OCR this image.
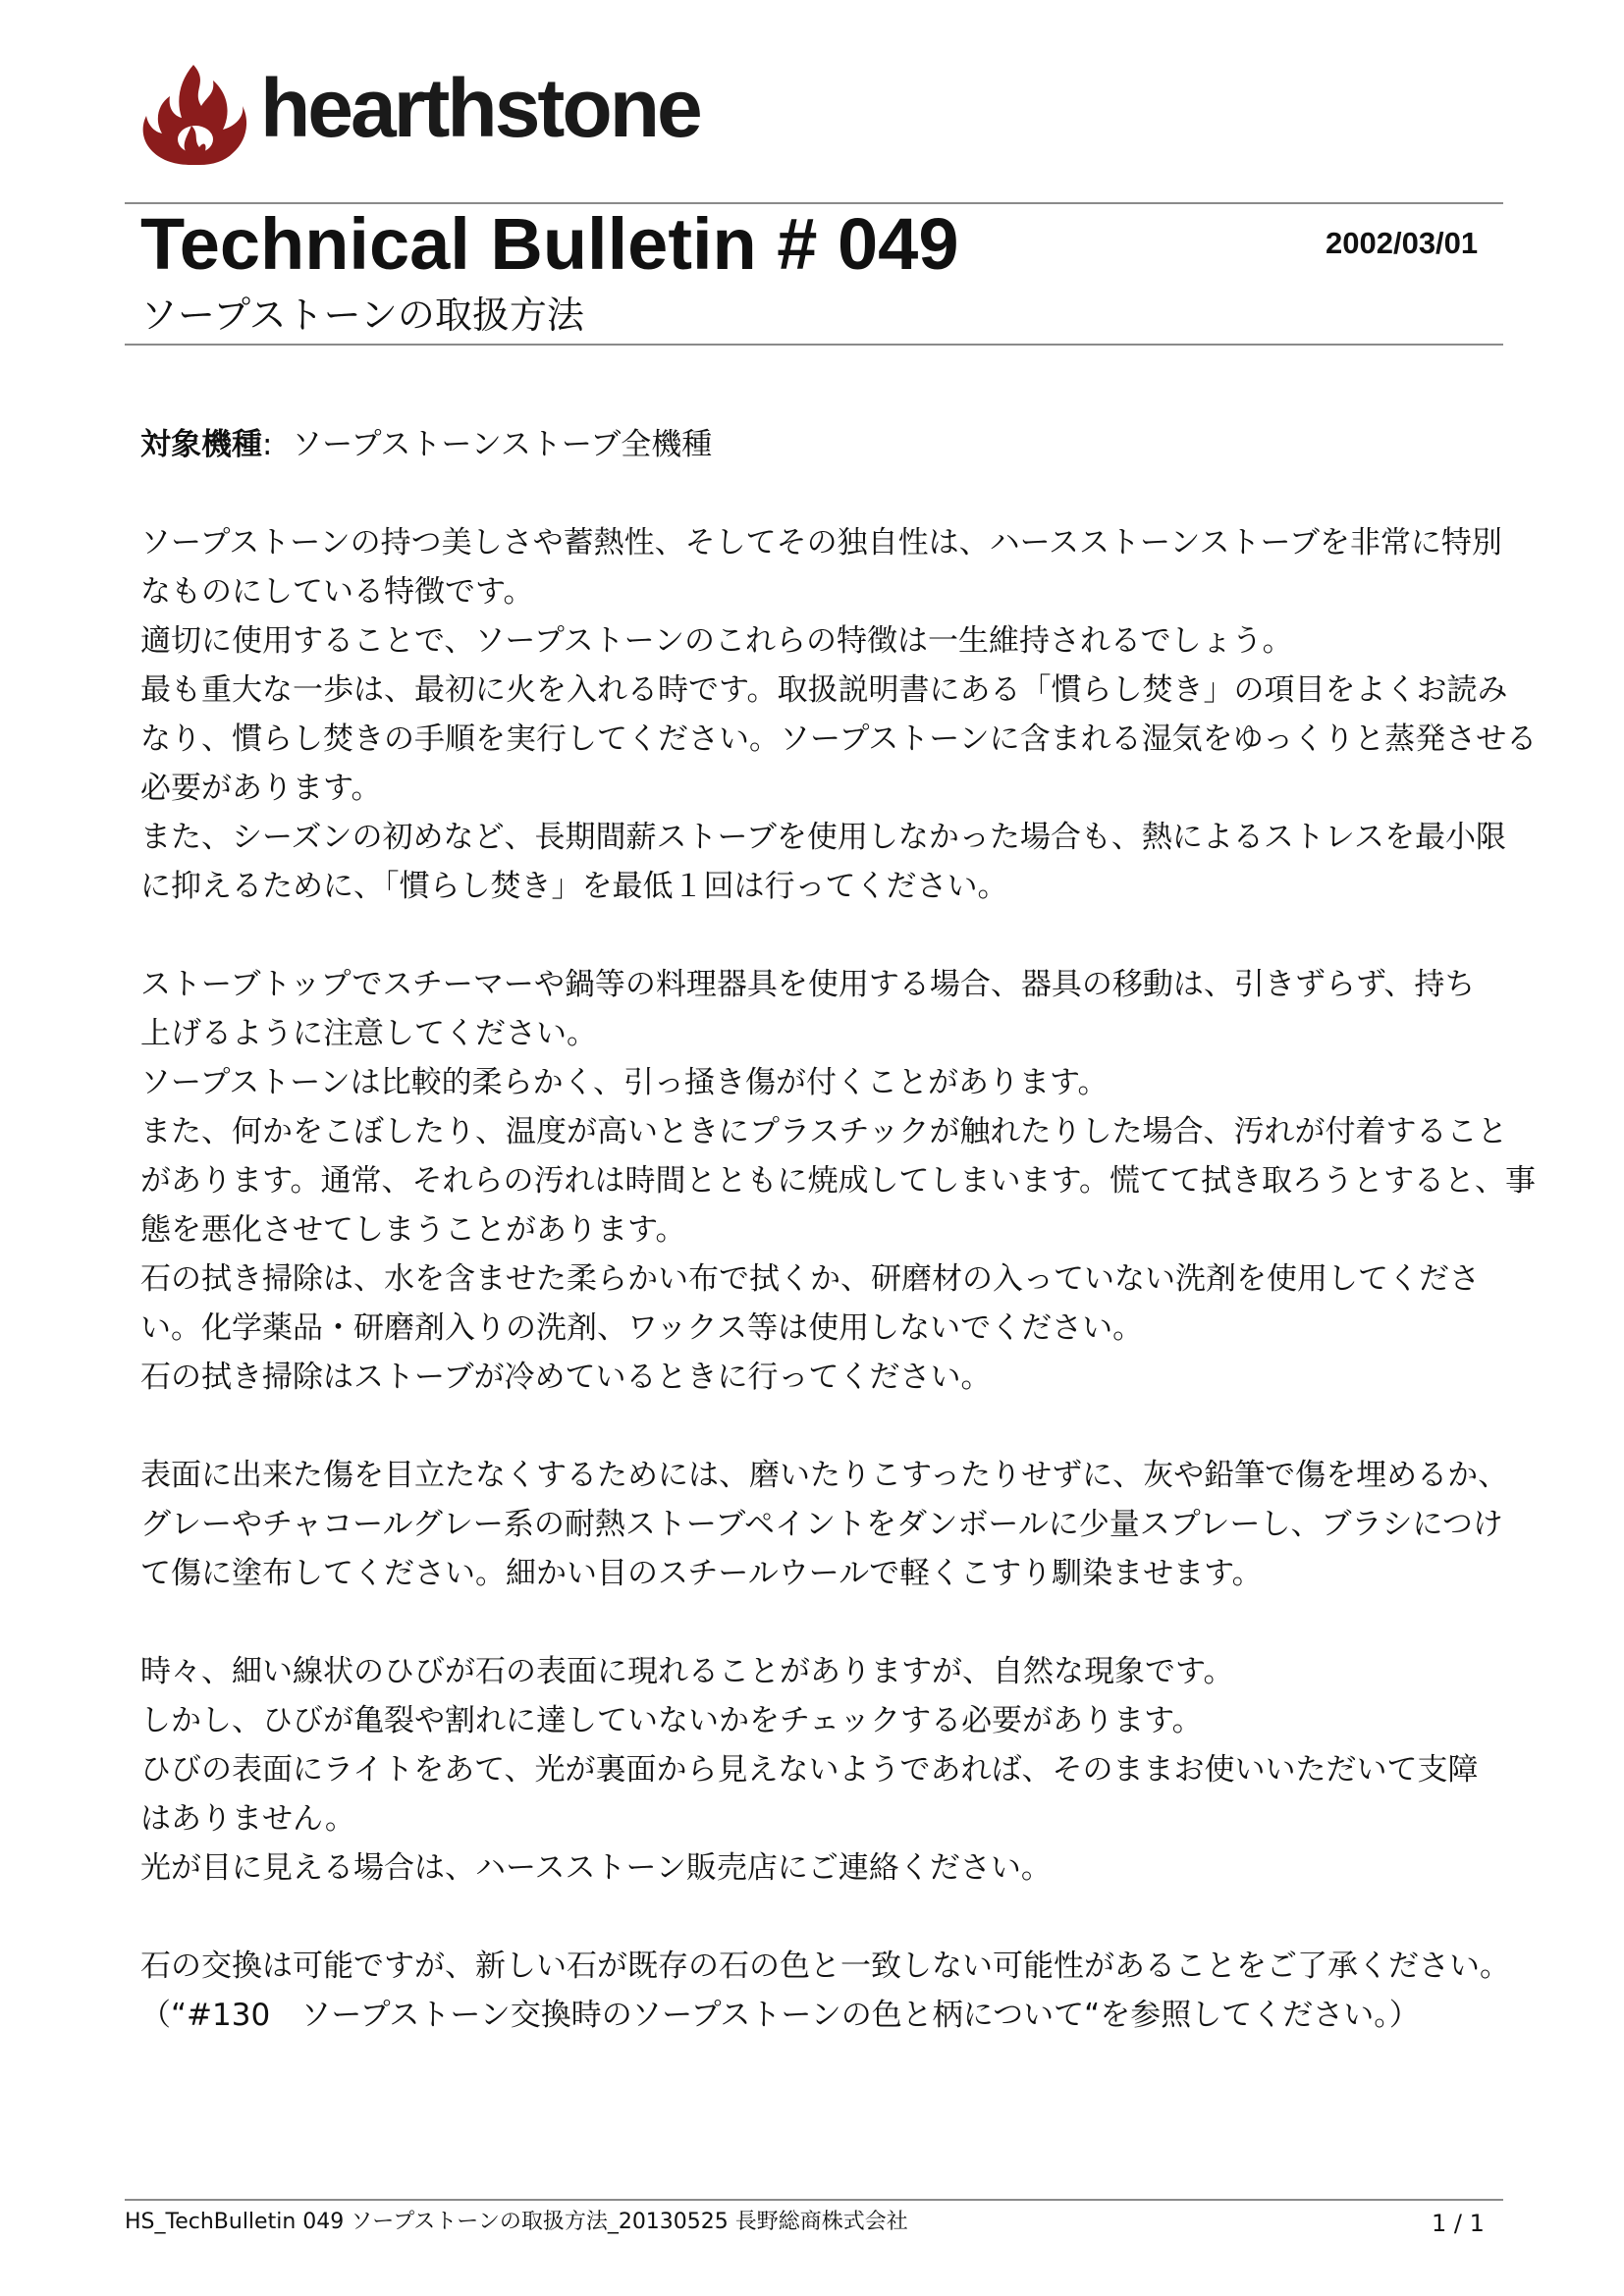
hearthstone
Technical Bulletin # 049	2002/03/01
ソープストーンの取扱方法
対象機種: ソープストーンストーブ全機種
ソープストーンの持つ美しさや蓄熱性、そしてその独自性は、ハースストーンストーブを非常に特別
なものにしている特徴です。
適切に使用することで、ソープストーンのこれらの特徴は一生維持されるでしょう。
最も重大な一歩は、最初に火を入れる時です。取扱説明書にある「慣らし焚き」の項目をよくお読み
なり、慣らし焚きの手順を実行してください。ソープストーンに含まれる湿気をゆっくりと蒸発させる
必要があります。
また、シーズンの初めなど、長期間薪ストーブを使用しなかった場合も、熱によるストレスを最小限
に抑えるために、「慣らし焚き」を最低１回は行ってください。
ストーブトップでスチーマーや鍋等の料理器具を使用する場合、器具の移動は、引きずらず、持ち
上げるように注意してください。
ソープストーンは比較的柔らかく、引っ掻き傷が付くことがあります。
また、何かをこぼしたり、温度が高いときにプラスチックが触れたりした場合、汚れが付着すること
があります。通常、それらの汚れは時間とともに焼成してしまいます。慌てて拭き取ろうとすると、事
態を悪化させてしまうことがあります。
石の拭き掃除は、水を含ませた柔らかい布で拭くか、研磨材の入っていない洗剤を使用してくださ
い。化学薬品・研磨剤入りの洗剤、ワックス等は使用しないでください。
石の拭き掃除はストーブが冷めているときに行ってください。
表面に出来た傷を目立たなくするためには、磨いたりこすったりせずに、灰や鉛筆で傷を埋めるか、
グレーやチャコールグレー系の耐熱ストーブペイントをダンボールに少量スプレーし、ブラシにつけ
て傷に塗布してください。細かい目のスチールウールで軽くこすり馴染ませます。
時々、細い線状のひびが石の表面に現れることがありますが、自然な現象です。
しかし、ひびが亀裂や割れに達していないかをチェックする必要があります。
ひびの表面にライトをあて、光が裏面から見えないようであれば、そのままお使いいただいて支障
はありません。
光が目に見える場合は、ハースストーン販売店にご連絡ください。
石の交換は可能ですが、新しい石が既存の石の色と一致しない可能性があることをご了承ください。
（“#130　ソープストーン交換時のソープストーンの色と柄について“を参照してください。）
HS_TechBulletin 049 ソープストーンの取扱方法_20130525 長野総商株式会社	1 / 1
